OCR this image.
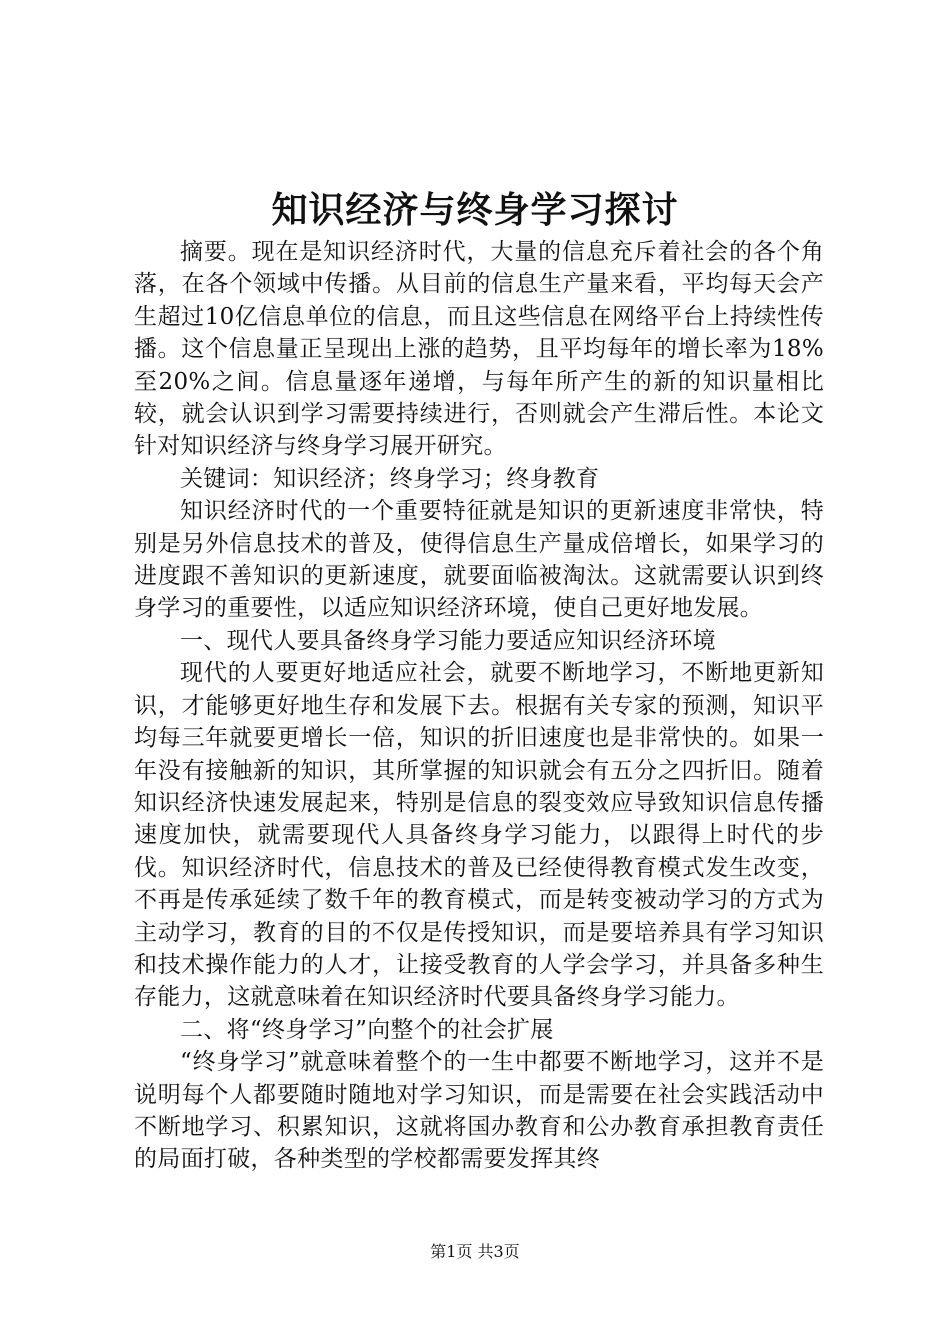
知识经济与终身学习探讨

摘要。现在是知识经济时代，大量的信息充斥着社会的各个角落，在各个领域中传播。从目前的信息生产量来看，平均每天会产生超过10亿信息单位的信息，而且这些信息在网络平台上持续性传播。这个信息量正呈现出上涨的趋势，且平均每年的增长率为18%至20%之间。信息量逐年递增，与每年所产生的新的知识量相比较，就会认识到学习需要持续进行，否则就会产生滞后性。本论文针对知识经济与终身学习展开研究。

关键词：知识经济；终身学习；终身教育

知识经济时代的一个重要特征就是知识的更新速度非常快，特别是另外信息技术的普及，使得信息生产量成倍增长，如果学习的进度跟不善知识的更新速度，就要面临被淘汰。这就需要认识到终身学习的重要性，以适应知识经济环境，使自己更好地发展。

一、现代人要具备终身学习能力要适应知识经济环境

现代的人要更好地适应社会，就要不断地学习，不断地更新知识，才能够更好地生存和发展下去。根据有关专家的预测，知识平均每三年就要更增长一倍，知识的折旧速度也是非常快的。如果一年没有接触新的知识，其所掌握的知识就会有五分之四折旧。随着知识经济快速发展起来，特别是信息的裂变效应导致知识信息传播速度加快，就需要现代人具备终身学习能力，以跟得上时代的步伐。知识经济时代，信息技术的普及已经使得教育模式发生改变，不再是传承延续了数千年的教育模式，而是转变被动学习的方式为主动学习，教育的目的不仅是传授知识，而是要培养具有学习知识和技术操作能力的人才，让接受教育的人学会学习，并具备多种生存能力，这就意味着在知识经济时代要具备终身学习能力。

二、将“终身学习”向整个的社会扩展

“终身学习”就意味着整个的一生中都要不断地学习，这并不是说明每个人都要随时随地对学习知识，而是需要在社会实践活动中不断地学习、积累知识，这就将国办教育和公办教育承担教育责任的局面打破，各种类型的学校都需要发挥其终

第1页 共3页
